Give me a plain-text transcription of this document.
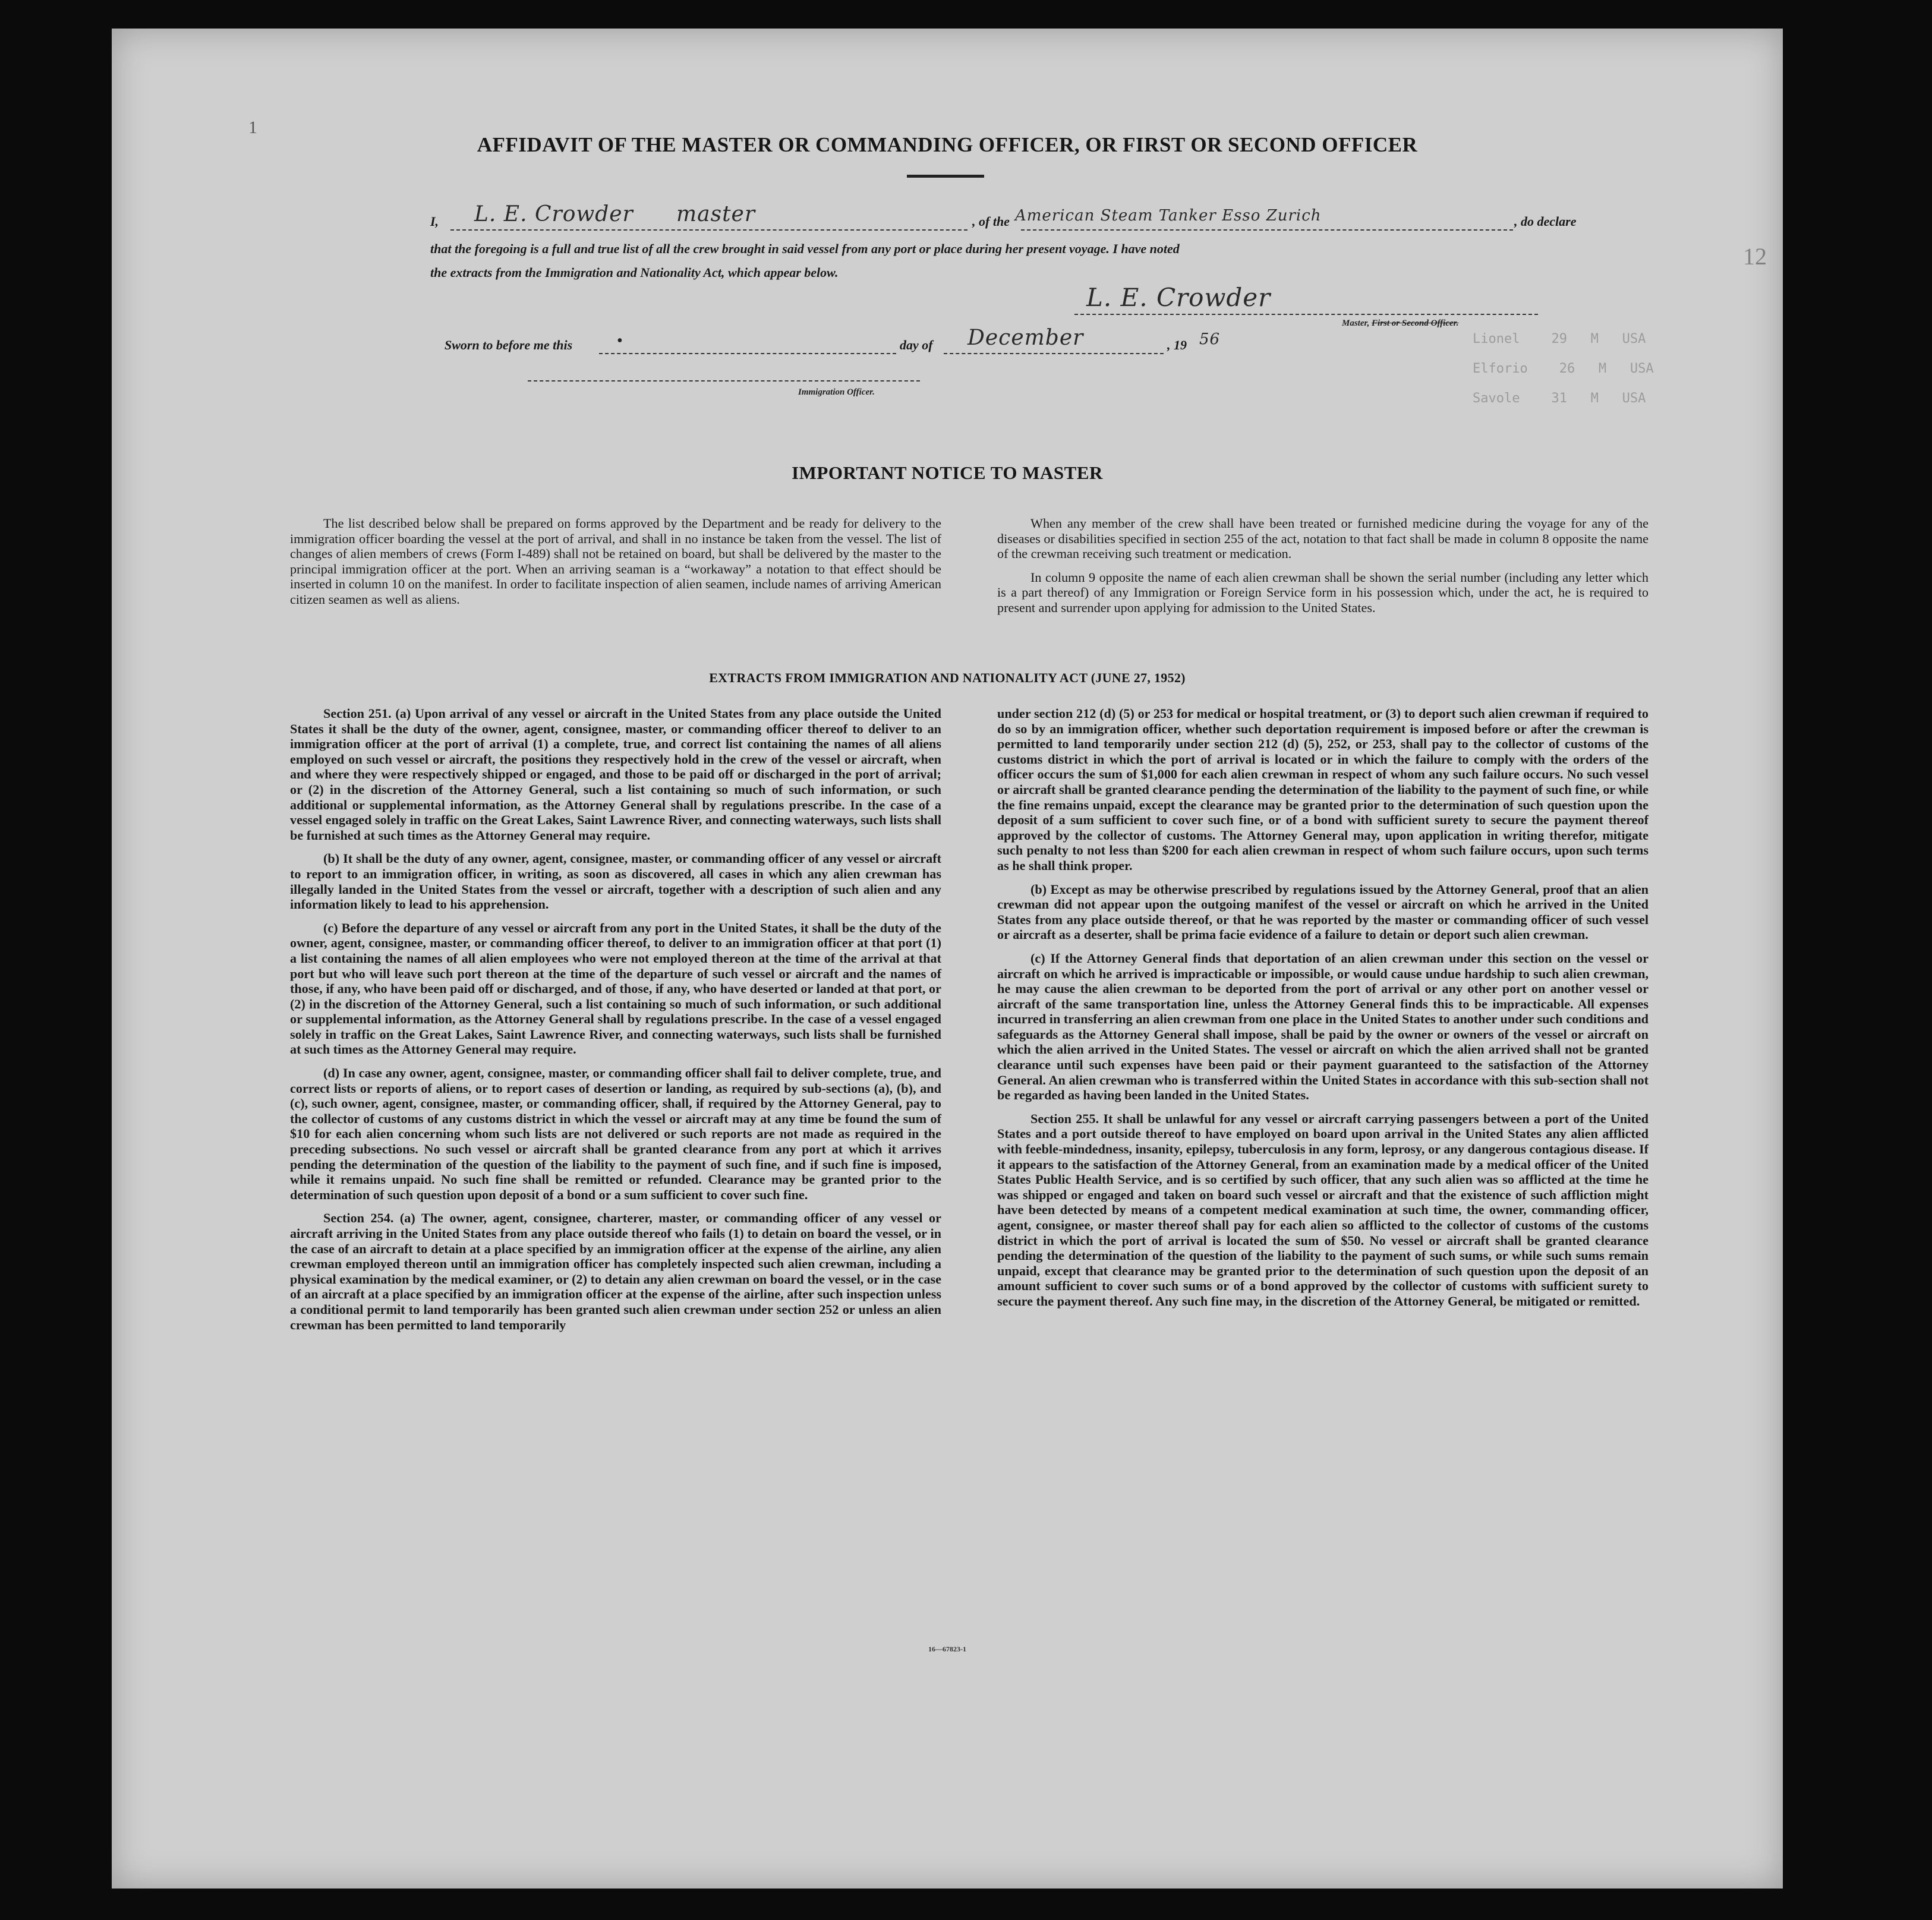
Lionel    29   M   USA
Elforio    26   M   USA
Savole    31   M   USA
1
12
AFFIDAVIT OF THE MASTER OR COMMANDING OFFICER, OR FIRST OR SECOND OFFICER
I, L. E. Crowder master	, of the American Steam Tanker Esso Zurich	, do declare
that the foregoing is a full and true list of all the crew brought in said vessel from any port or place during her present voyage. I have noted
the extracts from the Immigration and Nationality Act, which appear below.
L. E. Crowder
Master, First or Second Officer.
Sworn to before me this	•	day of December	, 19 56
Immigration Officer.
IMPORTANT NOTICE TO MASTER

The list described below shall be prepared on forms approved by the Department and be ready for delivery to the immigration officer boarding the vessel at the port of arrival, and shall in no instance be taken from the vessel. The list of changes of alien members of crews (Form I-489) shall not be retained on board, but shall be delivered by the master to the principal immigration officer at the port. When an arriving seaman is a “workaway” a notation to that effect should be inserted in column 10 on the manifest. In order to facilitate inspection of alien seamen, include names of arriving American citizen seamen as well as aliens.

When any member of the crew shall have been treated or furnished medicine during the voyage for any of the diseases or disabilities specified in section 255 of the act, notation to that fact shall be made in column 8 opposite the name of the crewman receiving such treatment or medication.

In column 9 opposite the name of each alien crewman shall be shown the serial number (including any letter which is a part thereof) of any Immigration or Foreign Service form in his possession which, under the act, he is required to present and surrender upon applying for admission to the United States.

EXTRACTS FROM IMMIGRATION AND NATIONALITY ACT (JUNE 27, 1952)

Section 251. (a) Upon arrival of any vessel or aircraft in the United States from any place outside the United States it shall be the duty of the owner, agent, consignee, master, or commanding officer thereof to deliver to an immigration officer at the port of arrival (1) a complete, true, and correct list containing the names of all aliens employed on such vessel or aircraft, the positions they respectively hold in the crew of the vessel or aircraft, when and where they were respectively shipped or engaged, and those to be paid off or discharged in the port of arrival; or (2) in the discretion of the Attorney General, such a list containing so much of such information, or such additional or supplemental information, as the Attorney General shall by regulations prescribe. In the case of a vessel engaged solely in traffic on the Great Lakes, Saint Lawrence River, and connecting waterways, such lists shall be furnished at such times as the Attorney General may require.

(b) It shall be the duty of any owner, agent, consignee, master, or commanding officer of any vessel or aircraft to report to an immigration officer, in writing, as soon as discovered, all cases in which any alien crewman has illegally landed in the United States from the vessel or aircraft, together with a description of such alien and any information likely to lead to his apprehension.

(c) Before the departure of any vessel or aircraft from any port in the United States, it shall be the duty of the owner, agent, consignee, master, or commanding officer thereof, to deliver to an immigration officer at that port (1) a list containing the names of all alien employees who were not employed thereon at the time of the arrival at that port but who will leave such port thereon at the time of the departure of such vessel or aircraft and the names of those, if any, who have been paid off or discharged, and of those, if any, who have deserted or landed at that port, or (2) in the discretion of the Attorney General, such a list containing so much of such information, or such additional or supplemental information, as the Attorney General shall by regulations prescribe. In the case of a vessel engaged solely in traffic on the Great Lakes, Saint Lawrence River, and connecting waterways, such lists shall be furnished at such times as the Attorney General may require.

(d) In case any owner, agent, consignee, master, or commanding officer shall fail to deliver complete, true, and correct lists or reports of aliens, or to report cases of desertion or landing, as required by sub-sections (a), (b), and (c), such owner, agent, consignee, master, or commanding officer, shall, if required by the Attorney General, pay to the collector of customs of any customs district in which the vessel or aircraft may at any time be found the sum of $10 for each alien concerning whom such lists are not delivered or such reports are not made as required in the preceding subsections. No such vessel or aircraft shall be granted clearance from any port at which it arrives pending the determination of the question of the liability to the payment of such fine, and if such fine is imposed, while it remains unpaid. No such fine shall be remitted or refunded. Clearance may be granted prior to the determination of such question upon deposit of a bond or a sum sufficient to cover such fine.

Section 254. (a) The owner, agent, consignee, charterer, master, or commanding officer of any vessel or aircraft arriving in the United States from any place outside thereof who fails (1) to detain on board the vessel, or in the case of an aircraft to detain at a place specified by an immigration officer at the expense of the airline, any alien crewman employed thereon until an immigration officer has completely inspected such alien crewman, including a physical examination by the medical examiner, or (2) to detain any alien crewman on board the vessel, or in the case of an aircraft at a place specified by an immigration officer at the expense of the airline, after such inspection unless a conditional permit to land temporarily has been granted such alien crewman under section 252 or unless an alien crewman has been permitted to land temporarily

under section 212 (d) (5) or 253 for medical or hospital treatment, or (3) to deport such alien crewman if required to do so by an immigration officer, whether such deportation requirement is imposed before or after the crewman is permitted to land temporarily under section 212 (d) (5), 252, or 253, shall pay to the collector of customs of the customs district in which the port of arrival is located or in which the failure to comply with the orders of the officer occurs the sum of $1,000 for each alien crewman in respect of whom any such failure occurs. No such vessel or aircraft shall be granted clearance pending the determination of the liability to the payment of such fine, or while the fine remains unpaid, except the clearance may be granted prior to the determination of such question upon the deposit of a sum sufficient to cover such fine, or of a bond with sufficient surety to secure the payment thereof approved by the collector of customs. The Attorney General may, upon application in writing therefor, mitigate such penalty to not less than $200 for each alien crewman in respect of whom such failure occurs, upon such terms as he shall think proper.

(b) Except as may be otherwise prescribed by regulations issued by the Attorney General, proof that an alien crewman did not appear upon the outgoing manifest of the vessel or aircraft on which he arrived in the United States from any place outside thereof, or that he was reported by the master or commanding officer of such vessel or aircraft as a deserter, shall be prima facie evidence of a failure to detain or deport such alien crewman.

(c) If the Attorney General finds that deportation of an alien crewman under this section on the vessel or aircraft on which he arrived is impracticable or impossible, or would cause undue hardship to such alien crewman, he may cause the alien crewman to be deported from the port of arrival or any other port on another vessel or aircraft of the same transportation line, unless the Attorney General finds this to be impracticable. All expenses incurred in transferring an alien crewman from one place in the United States to another under such conditions and safeguards as the Attorney General shall impose, shall be paid by the owner or owners of the vessel or aircraft on which the alien arrived in the United States. The vessel or aircraft on which the alien arrived shall not be granted clearance until such expenses have been paid or their payment guaranteed to the satisfaction of the Attorney General. An alien crewman who is transferred within the United States in accordance with this sub-section shall not be regarded as having been landed in the United States.

Section 255. It shall be unlawful for any vessel or aircraft carrying passengers between a port of the United States and a port outside thereof to have employed on board upon arrival in the United States any alien afflicted with feeble-mindedness, insanity, epilepsy, tuberculosis in any form, leprosy, or any dangerous contagious disease. If it appears to the satisfaction of the Attorney General, from an examination made by a medical officer of the United States Public Health Service, and is so certified by such officer, that any such alien was so afflicted at the time he was shipped or engaged and taken on board such vessel or aircraft and that the existence of such affliction might have been detected by means of a competent medical examination at such time, the owner, commanding officer, agent, consignee, or master thereof shall pay for each alien so afflicted to the collector of customs of the customs district in which the port of arrival is located the sum of $50. No vessel or aircraft shall be granted clearance pending the determination of the question of the liability to the payment of such sums, or while such sums remain unpaid, except that clearance may be granted prior to the determination of such question upon the deposit of an amount sufficient to cover such sums or of a bond approved by the collector of customs with sufficient surety to secure the payment thereof. Any such fine may, in the discretion of the Attorney General, be mitigated or remitted.

16—67823-1
